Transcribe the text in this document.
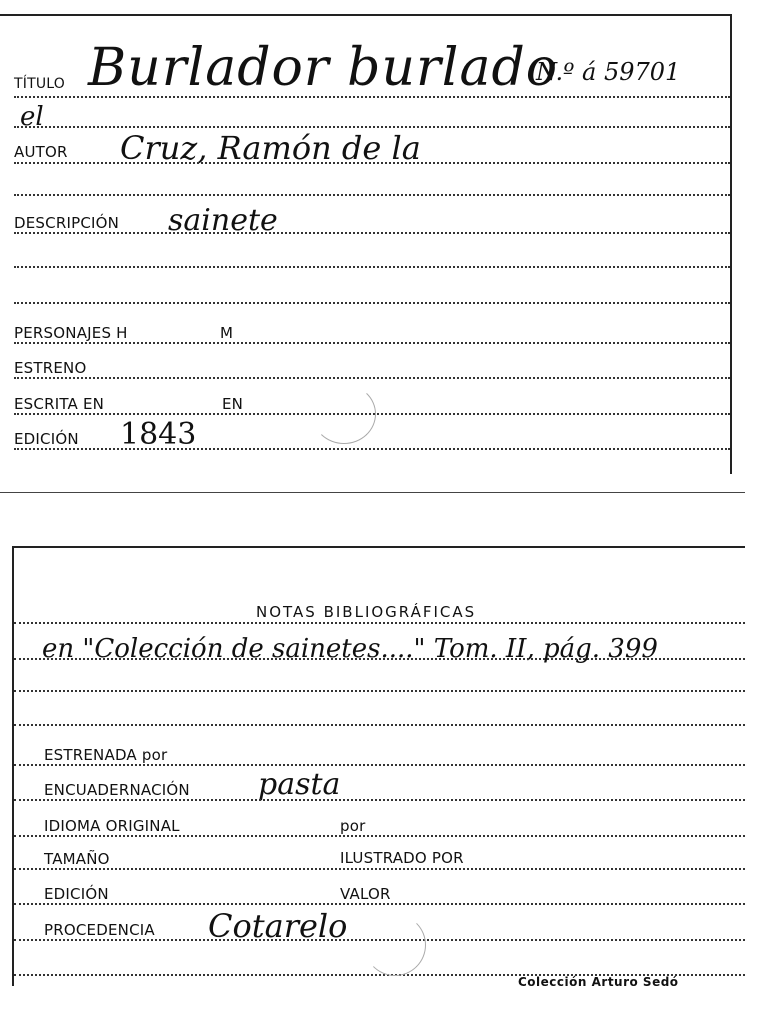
TÍTULO Burlador burlado
N.º á 59701
el
AUTOR Cruz, Ramón de la
DESCRIPCIÓN sainete
PERSONAJES H	M
ESTRENO
ESCRITA EN	EN
EDICIÓN 1843
NOTAS BIBLIOGRÁFICAS
en "Colección de sainetes...." Tom. II, pág. 399
ESTRENADA por
ENCUADERNACIÓN pasta
IDIOMA ORIGINAL	por
TAMAÑO	ILUSTRADO POR
EDICIÓN	VALOR
PROCEDENCIA Cotarelo
Colección Arturo Sedó
